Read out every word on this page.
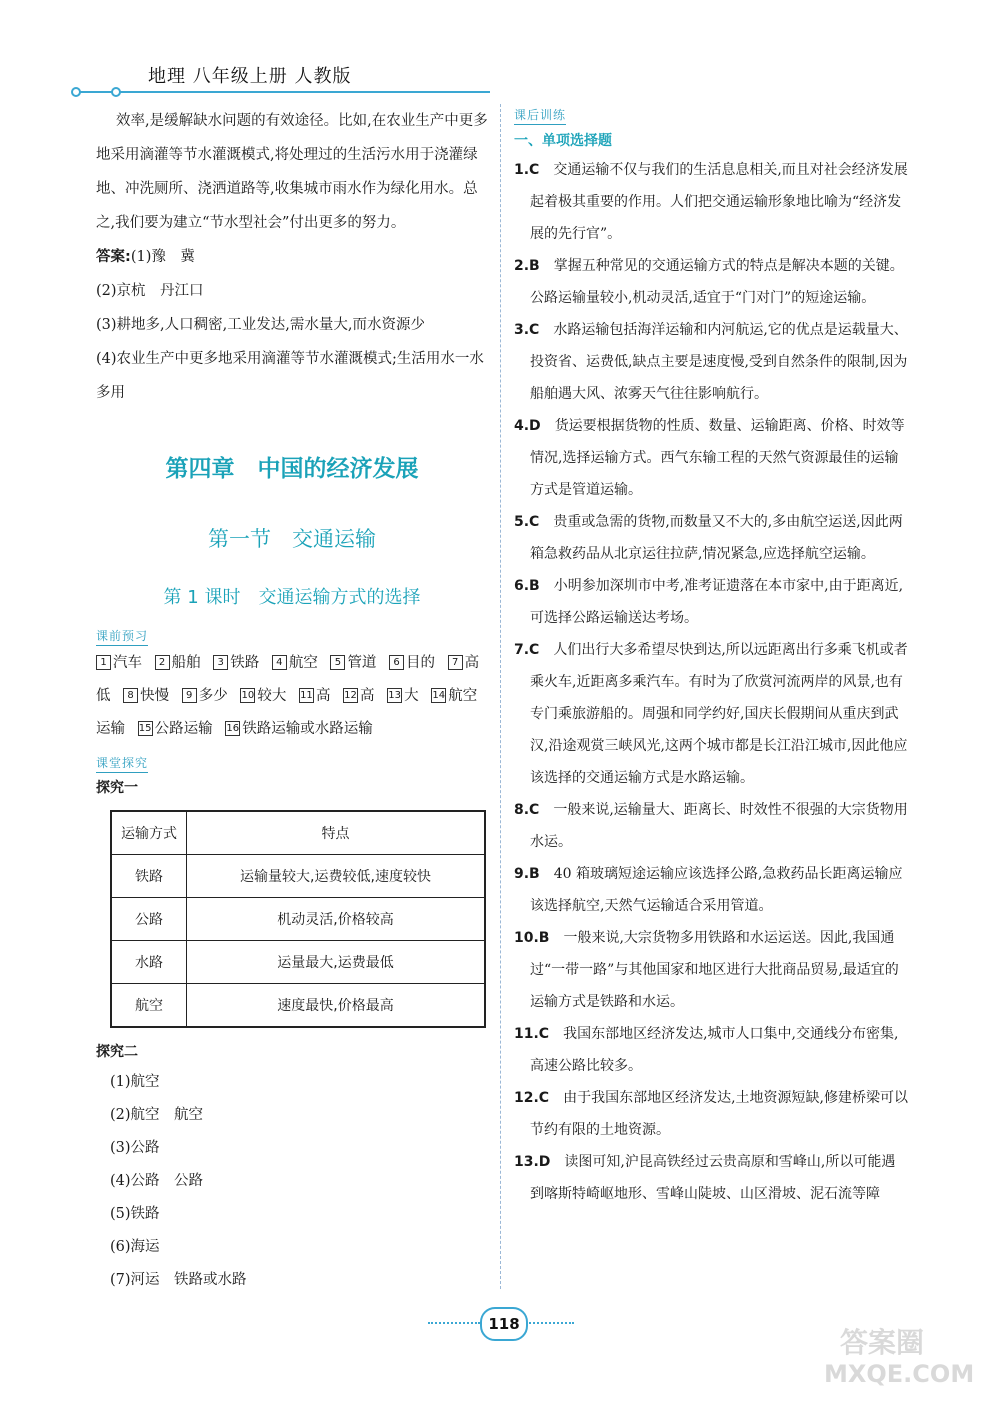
地理 八年级上册 人教版

效率,是缓解缺水问题的有效途径。比如,在农业生产中更多地采用滴灌等节水灌溉模式,将处理过的生活污水用于浇灌绿地、冲洗厕所、浇洒道路等,收集城市雨水作为绿化用水。总之,我们要为建立“节水型社会”付出更多的努力。

答案:(1)豫　冀

(2)京杭　丹江口

(3)耕地多,人口稠密,工业发达,需水量大,而水资源少

(4)农业生产中更多地采用滴灌等节水灌溉模式;生活用水一水多用

第四章　中国的经济发展
第一节　交通运输
第 1 课时　交通运输方式的选择
课前预习
1 汽车 2 船舶 3 铁路 4 航空 5 管道 6 目的 7 高低 8 快慢 9 多少 10 较大 11 高 12 高 13 大 14 航空运输 15 公路运输 16 铁路运输或水路运输
课堂探究
探究一
运输方式	特点
铁路	运输量较大,运费较低,速度较快
公路	机动灵活,价格较高
水路	运量最大,运费最低
航空	速度最快,价格最高
探究二

(1)航空

(2)航空　航空

(3)公路

(4)公路　公路

(5)铁路

(6)海运

(7)河运　铁路或水路

课后训练
一、单项选择题

1.C　 交通运输不仅与我们的生活息息相关,而且对社会经济发展起着极其重要的作用。人们把交通运输形象地比喻为“经济发展的先行官”。

2.B　 掌握五种常见的交通运输方式的特点是解决本题的关键。公路运输量较小,机动灵活,适宜于“门对门”的短途运输。

3.C　 水路运输包括海洋运输和内河航运,它的优点是运载量大、投资省、运费低,缺点主要是速度慢,受到自然条件的限制,因为船舶遇大风、浓雾天气往往影响航行。

4.D　 货运要根据货物的性质、数量、运输距离、价格、时效等情况,选择运输方式。西气东输工程的天然气资源最佳的运输方式是管道运输。

5.C　 贵重或急需的货物,而数量又不大的,多由航空运送,因此两箱急救药品从北京运往拉萨,情况紧急,应选择航空运输。

6.B　 小明参加深圳市中考,准考证遗落在本市家中,由于距离近,可选择公路运输送达考场。

7.C　 人们出行大多希望尽快到达,所以远距离出行多乘飞机或者乘火车,近距离多乘汽车。有时为了欣赏河流两岸的风景,也有专门乘旅游船的。周强和同学约好,国庆长假期间从重庆到武汉,沿途观赏三峡风光,这两个城市都是长江沿江城市,因此他应该选择的交通运输方式是水路运输。

8.C　 一般来说,运输量大、距离长、时效性不很强的大宗货物用水运。

9.B　 40 箱玻璃短途运输应该选择公路,急救药品长距离运输应该选择航空,天然气运输适合采用管道。

10.B　 一般来说,大宗货物多用铁路和水运运送。因此,我国通过“一带一路”与其他国家和地区进行大批商品贸易,最适宜的运输方式是铁路和水运。

11.C　 我国东部地区经济发达,城市人口集中,交通线分布密集,高速公路比较多。

12.C　 由于我国东部地区经济发达,土地资源短缺,修建桥梁可以节约有限的土地资源。

13.D　 读图可知,沪昆高铁经过云贵高原和雪峰山,所以可能遇到喀斯特崎岖地形、雪峰山陡坡、山区滑坡、泥石流等障

118
答案圈
MXQE.COM
